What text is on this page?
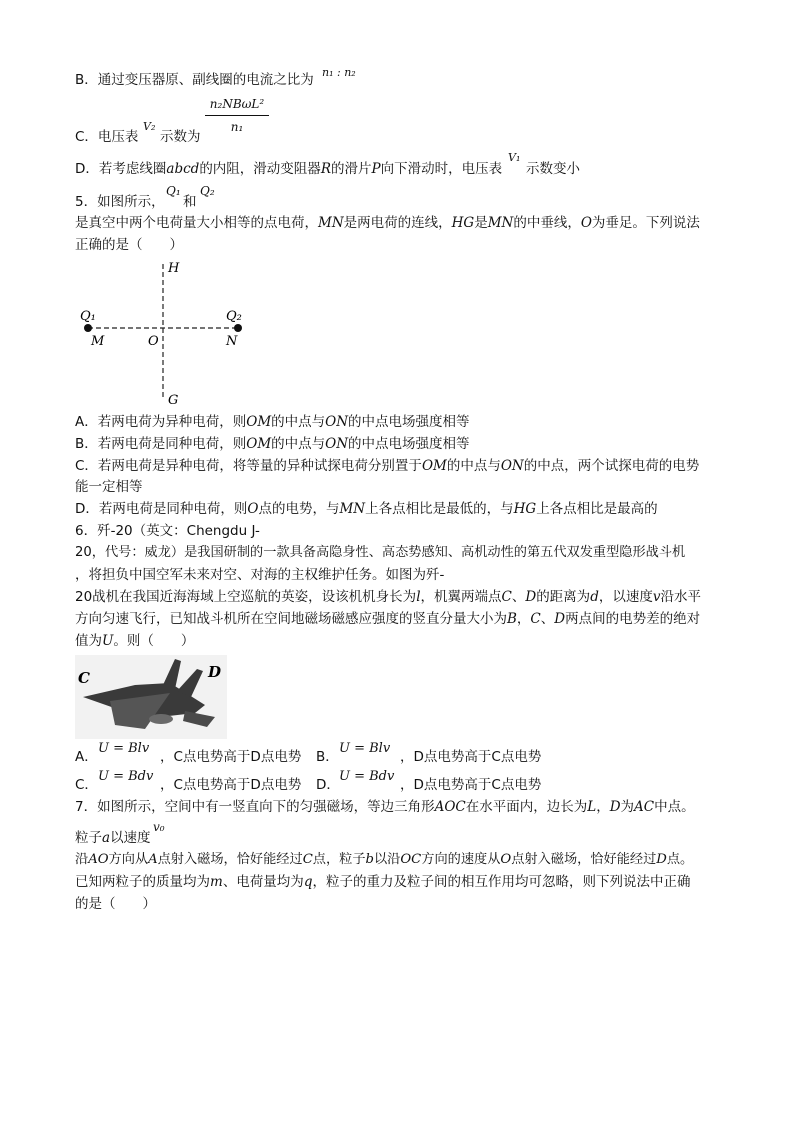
B．通过变压器原、副线圈的电流之比为 n₁ : n₂
n₂NBωL²
n₁
C．电压表
V₂
示数为
D．若考虑线圈abcd的内阻，滑动变阻器R的滑片P向下滑动时，电压表
V₁
示数变小
5．如图所示，
Q₁
和
Q₂
是真空中两个电荷量大小相等的点电荷，MN是两电荷的连线，HG是MN的中垂线，O为垂足。下列说法
正确的是（　　）
H
G
Q₁	Q₂
M	O	N
A．若两电荷为异种电荷，则OM的中点与ON的中点电场强度相等
B．若两电荷是同种电荷，则OM的中点与ON的中点电场强度相等
C．若两电荷是异种电荷，将等量的异种试探电荷分别置于OM的中点与ON的中点，两个试探电荷的电势
能一定相等
D．若两电荷是同种电荷，则O点的电势，与MN上各点相比是最低的，与HG上各点相比是最高的
6．歼-20（英文：Chengdu J-
20，代号：威龙）是我国研制的一款具备高隐身性、高态势感知、高机动性的第五代双发重型隐形战斗机
，将担负中国空军未来对空、对海的主权维护任务。如图为歼-
20战机在我国近海海域上空巡航的英姿，设该机机身长为l，机翼两端点C、D的距离为d，以速度v沿水平
方向匀速飞行，已知战斗机所在空间地磁场磁感应强度的竖直分量大小为B，C、D两点间的电势差的绝对
值为U。则（　　）
C	D
A．
U = Blv
，C点电势高于D点电势 B．
U = Blv
，D点电势高于C点电势
C．
U = Bdv
，C点电势高于D点电势 D．
U = Bdv
，D点电势高于C点电势
7．如图所示，空间中有一竖直向下的匀强磁场，等边三角形AOC在水平面内，边长为L，D为AC中点。
粒子a以速度
v₀
沿AO方向从A点射入磁场，恰好能经过C点，粒子b以沿OC方向的速度从O点射入磁场，恰好能经过D点。
已知两粒子的质量均为m、电荷量均为q，粒子的重力及粒子间的相互作用均可忽略，则下列说法中正确
的是（　　）
